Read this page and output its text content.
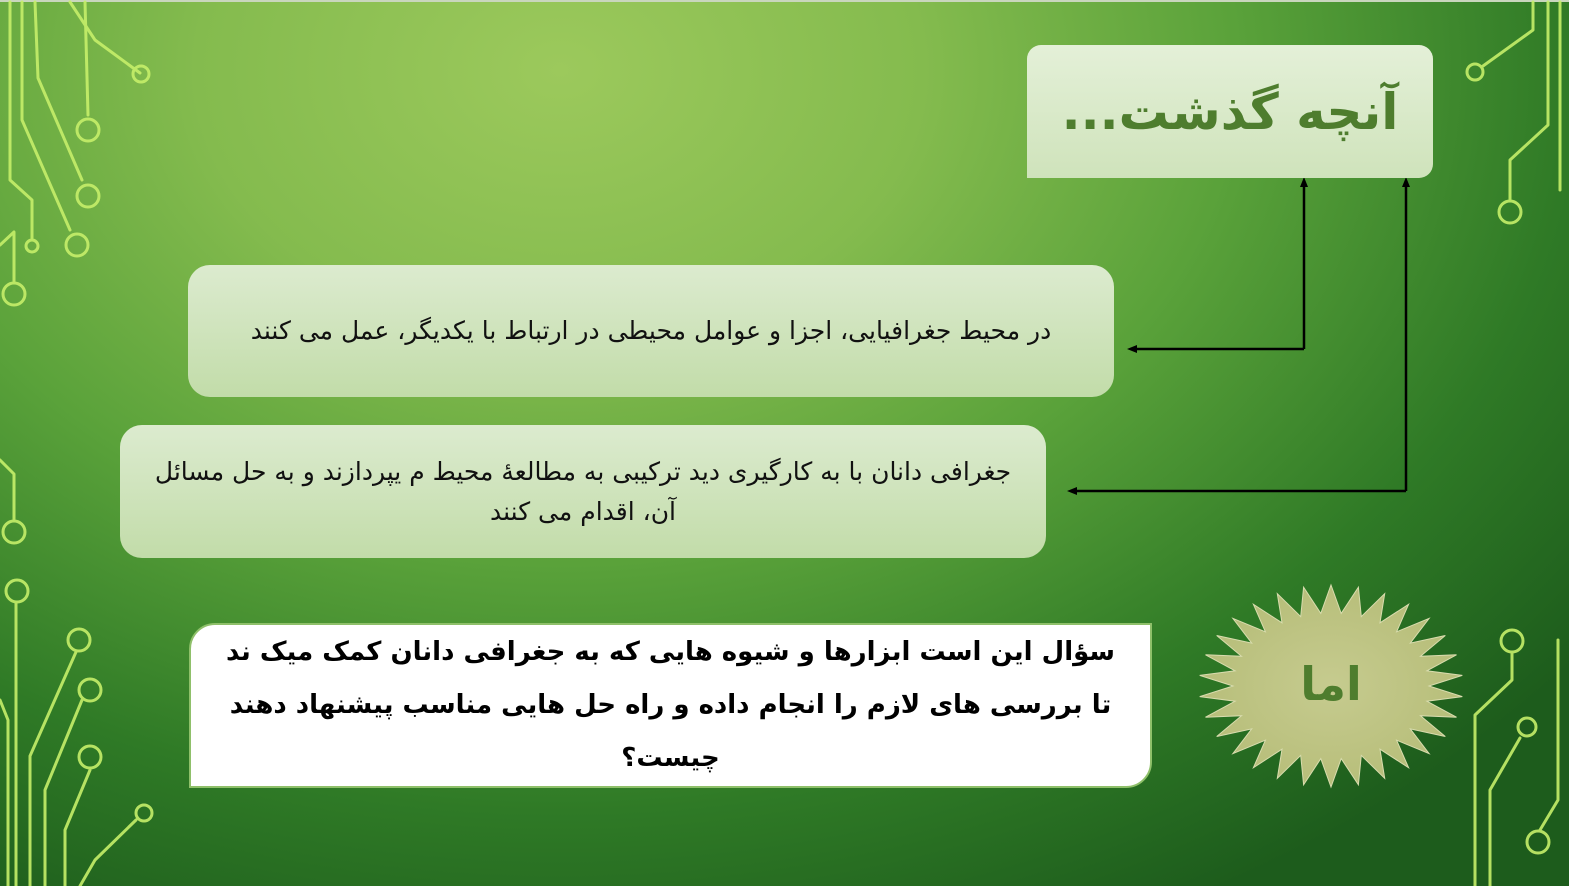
آنچه گذشت...
در محیط جغرافیایی، اجزا و عوامل محیطی در ارتباط با یکدیگر، عمل می کنند
جغرافی دانان با به کارگیری دید ترکیبی به مطالعۀ محیط م یپردازند و به حل مسائل آن، اقدام می کنند
اما
سؤال این است ابزارها و شیوه هایی که به جغرافی دانان کمک میک ند تا بررسی های لازم را انجام داده و راه حل هایی مناسب پیشنهاد دهند چیست؟
